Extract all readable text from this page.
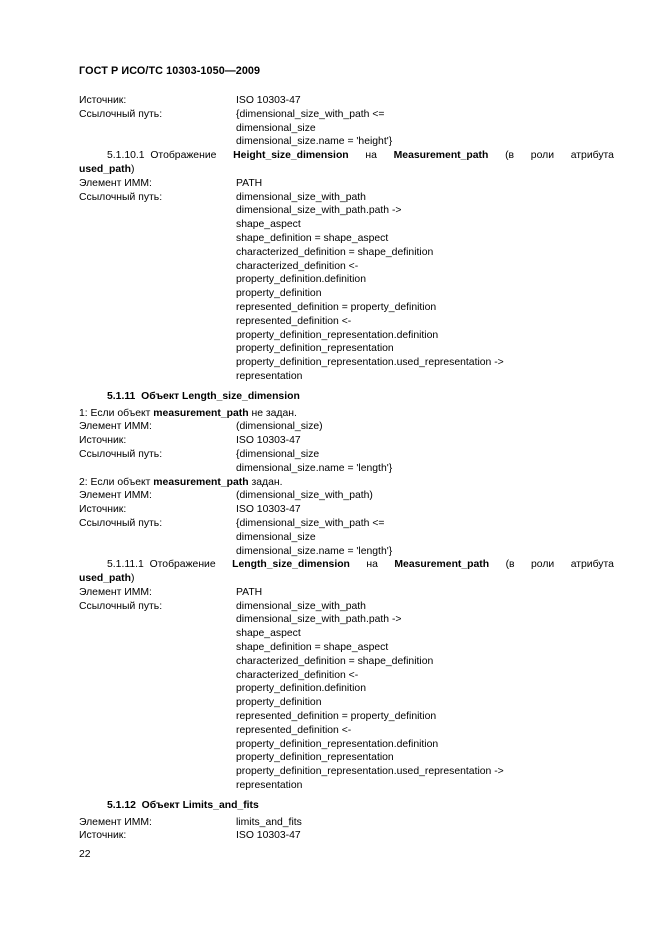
ГОСТ Р ИСО/ТС 10303-1050—2009
Источник:	ISO 10303-47
Ссылочный путь:	{dimensional_size_with_path <=
dimensional_size
dimensional_size.name = 'height'}
5.1.10.1 Отображение Height_size_dimension на Measurement_path (в роли атрибута
used_path)
Элемент ИММ:	PATH
Ссылочный путь:	dimensional_size_with_path
dimensional_size_with_path.path ->
shape_aspect
shape_definition = shape_aspect
characterized_definition = shape_definition
characterized_definition <-
property_definition.definition
property_definition
represented_definition = property_definition
represented_definition <-
property_definition_representation.definition
property_definition_representation
property_definition_representation.used_representation ->
representation
5.1.11 Объект Length_size_dimension
1: Если объект measurement_path не задан.
Элемент ИММ:	(dimensional_size)
Источник:	ISO 10303-47
Ссылочный путь:	{dimensional_size
dimensional_size.name = 'length'}
2: Если объект measurement_path задан.
Элемент ИММ:	(dimensional_size_with_path)
Источник:	ISO 10303-47
Ссылочный путь:	{dimensional_size_with_path <=
dimensional_size
dimensional_size.name = 'length'}
5.1.11.1 Отображение Length_size_dimension на Measurement_path (в роли атрибута
used_path)
Элемент ИММ:	PATH
Ссылочный путь:	dimensional_size_with_path
dimensional_size_with_path.path ->
shape_aspect
shape_definition = shape_aspect
characterized_definition = shape_definition
characterized_definition <-
property_definition.definition
property_definition
represented_definition = property_definition
represented_definition <-
property_definition_representation.definition
property_definition_representation
property_definition_representation.used_representation ->
representation
5.1.12 Объект Limits_and_fits
Элемент ИММ:	limits_and_fits
Источник:	ISO 10303-47
22
